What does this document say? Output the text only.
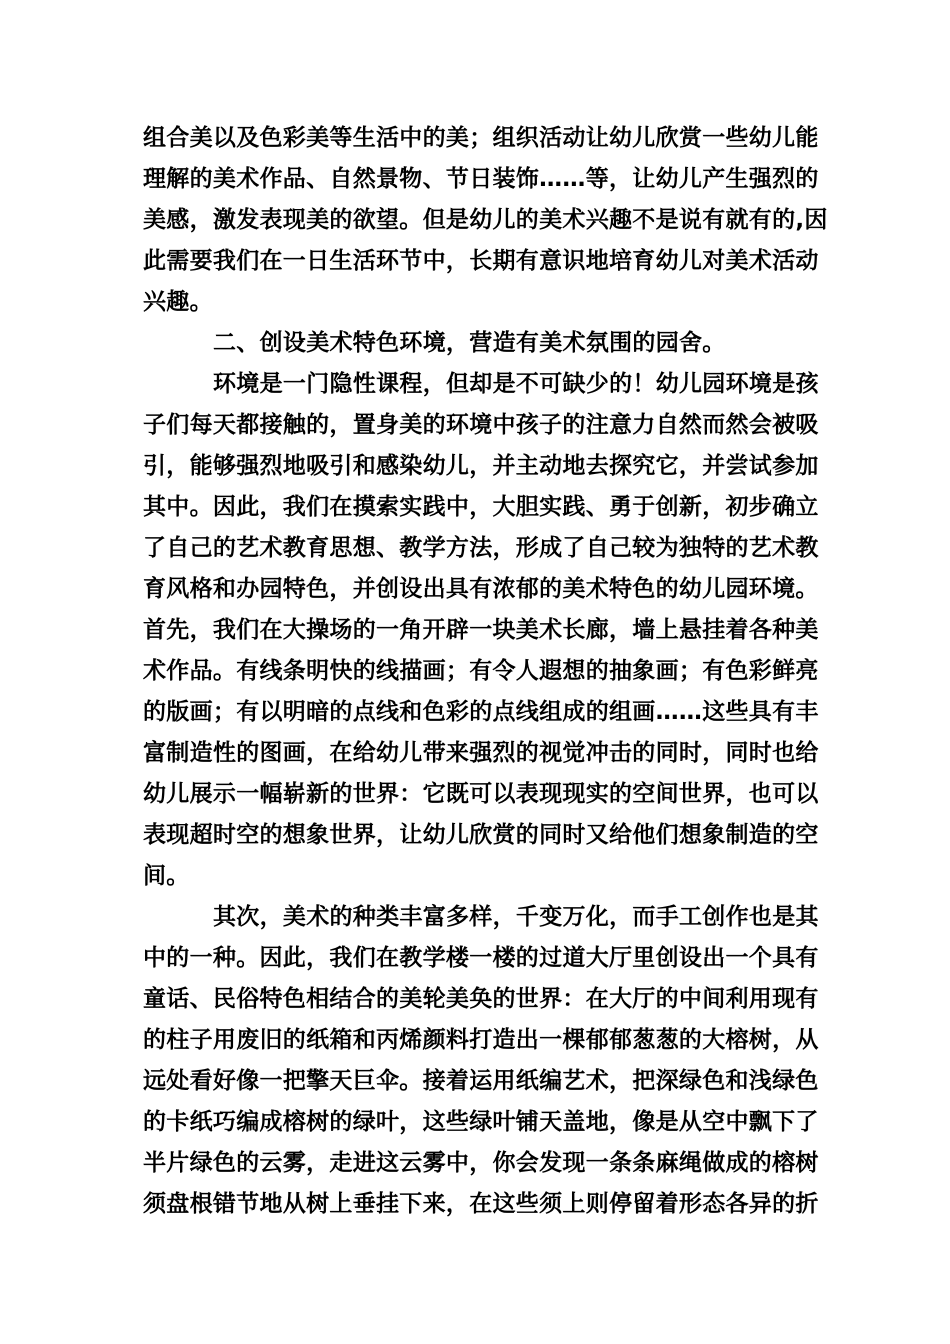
组合美以及色彩美等生活中的美；组织活动让幼儿欣赏一些幼儿能
理解的美术作品、自然景物、节日装饰……等，让幼儿产生强烈的
美感，激发表现美的欲望。但是幼儿的美术兴趣不是说有就有的,因
此需要我们在一日生活环节中，长期有意识地培育幼儿对美术活动
兴趣。
二、创设美术特色环境，营造有美术氛围的园舍。
环境是一门隐性课程，但却是不可缺少的！幼儿园环境是孩
子们每天都接触的，置身美的环境中孩子的注意力自然而然会被吸
引，能够强烈地吸引和感染幼儿，并主动地去探究它，并尝试参加
其中。因此，我们在摸索实践中，大胆实践、勇于创新，初步确立
了自己的艺术教育思想、教学方法，形成了自己较为独特的艺术教
育风格和办园特色，并创设出具有浓郁的美术特色的幼儿园环境。
首先，我们在大操场的一角开辟一块美术长廊，墙上悬挂着各种美
术作品。有线条明快的线描画；有令人遐想的抽象画；有色彩鲜亮
的版画；有以明暗的点线和色彩的点线组成的组画……这些具有丰
富制造性的图画，在给幼儿带来强烈的视觉冲击的同时，同时也给
幼儿展示一幅崭新的世界：它既可以表现现实的空间世界，也可以
表现超时空的想象世界，让幼儿欣赏的同时又给他们想象制造的空
间。
其次，美术的种类丰富多样，千变万化，而手工创作也是其
中的一种。因此，我们在教学楼一楼的过道大厅里创设出一个具有
童话、民俗特色相结合的美轮美奂的世界：在大厅的中间利用现有
的柱子用废旧的纸箱和丙烯颜料打造出一棵郁郁葱葱的大榕树，从
远处看好像一把擎天巨伞。接着运用纸编艺术，把深绿色和浅绿色
的卡纸巧编成榕树的绿叶，这些绿叶铺天盖地，像是从空中飘下了
半片绿色的云雾，走进这云雾中，你会发现一条条麻绳做成的榕树
须盘根错节地从树上垂挂下来，在这些须上则停留着形态各异的折
